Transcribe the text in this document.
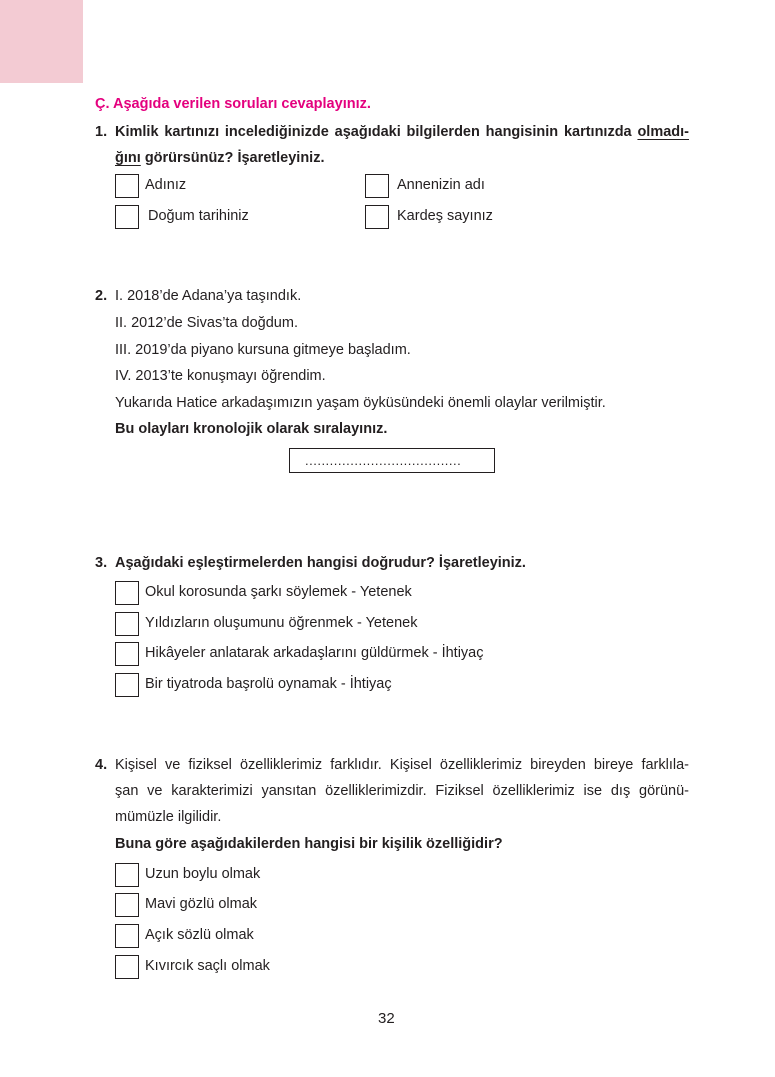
Ç. Aşağıda verilen soruları cevaplayınız.
1. Kimlik kartınızı incelediğinizde aşağıdaki bilgilerden hangisinin kartınızda olmadı-
ğını görürsünüz? İşaretleyiniz.
Adınız	Annenizin adı
Doğum tarihiniz	Kardeş sayınız
2. I. 2018’de Adana’ya taşındık.
II. 2012’de Sivas’ta doğdum.
III. 2019’da piyano kursuna gitmeye başladım.
IV. 2013’te konuşmayı öğrendim.
Yukarıda Hatice arkadaşımızın yaşam öyküsündeki önemli olaylar verilmiştir.
Bu olayları kronolojik olarak sıralayınız.
......................................
3. Aşağıdaki eşleştirmelerden hangisi doğrudur? İşaretleyiniz.
Okul korosunda şarkı söylemek - Yetenek
Yıldızların oluşumunu öğrenmek - Yetenek
Hikâyeler anlatarak arkadaşlarını güldürmek - İhtiyaç
Bir tiyatroda başrolü oynamak - İhtiyaç
4. Kişisel ve fiziksel özelliklerimiz farklıdır. Kişisel özelliklerimiz bireyden bireye farklıla-
şan ve karakterimizi yansıtan özelliklerimizdir. Fiziksel özelliklerimiz ise dış görünü-
mümüzle ilgilidir.
Buna göre aşağıdakilerden hangisi bir kişilik özelliğidir?
Uzun boylu olmak
Mavi gözlü olmak
Açık sözlü olmak
Kıvırcık saçlı olmak
32
